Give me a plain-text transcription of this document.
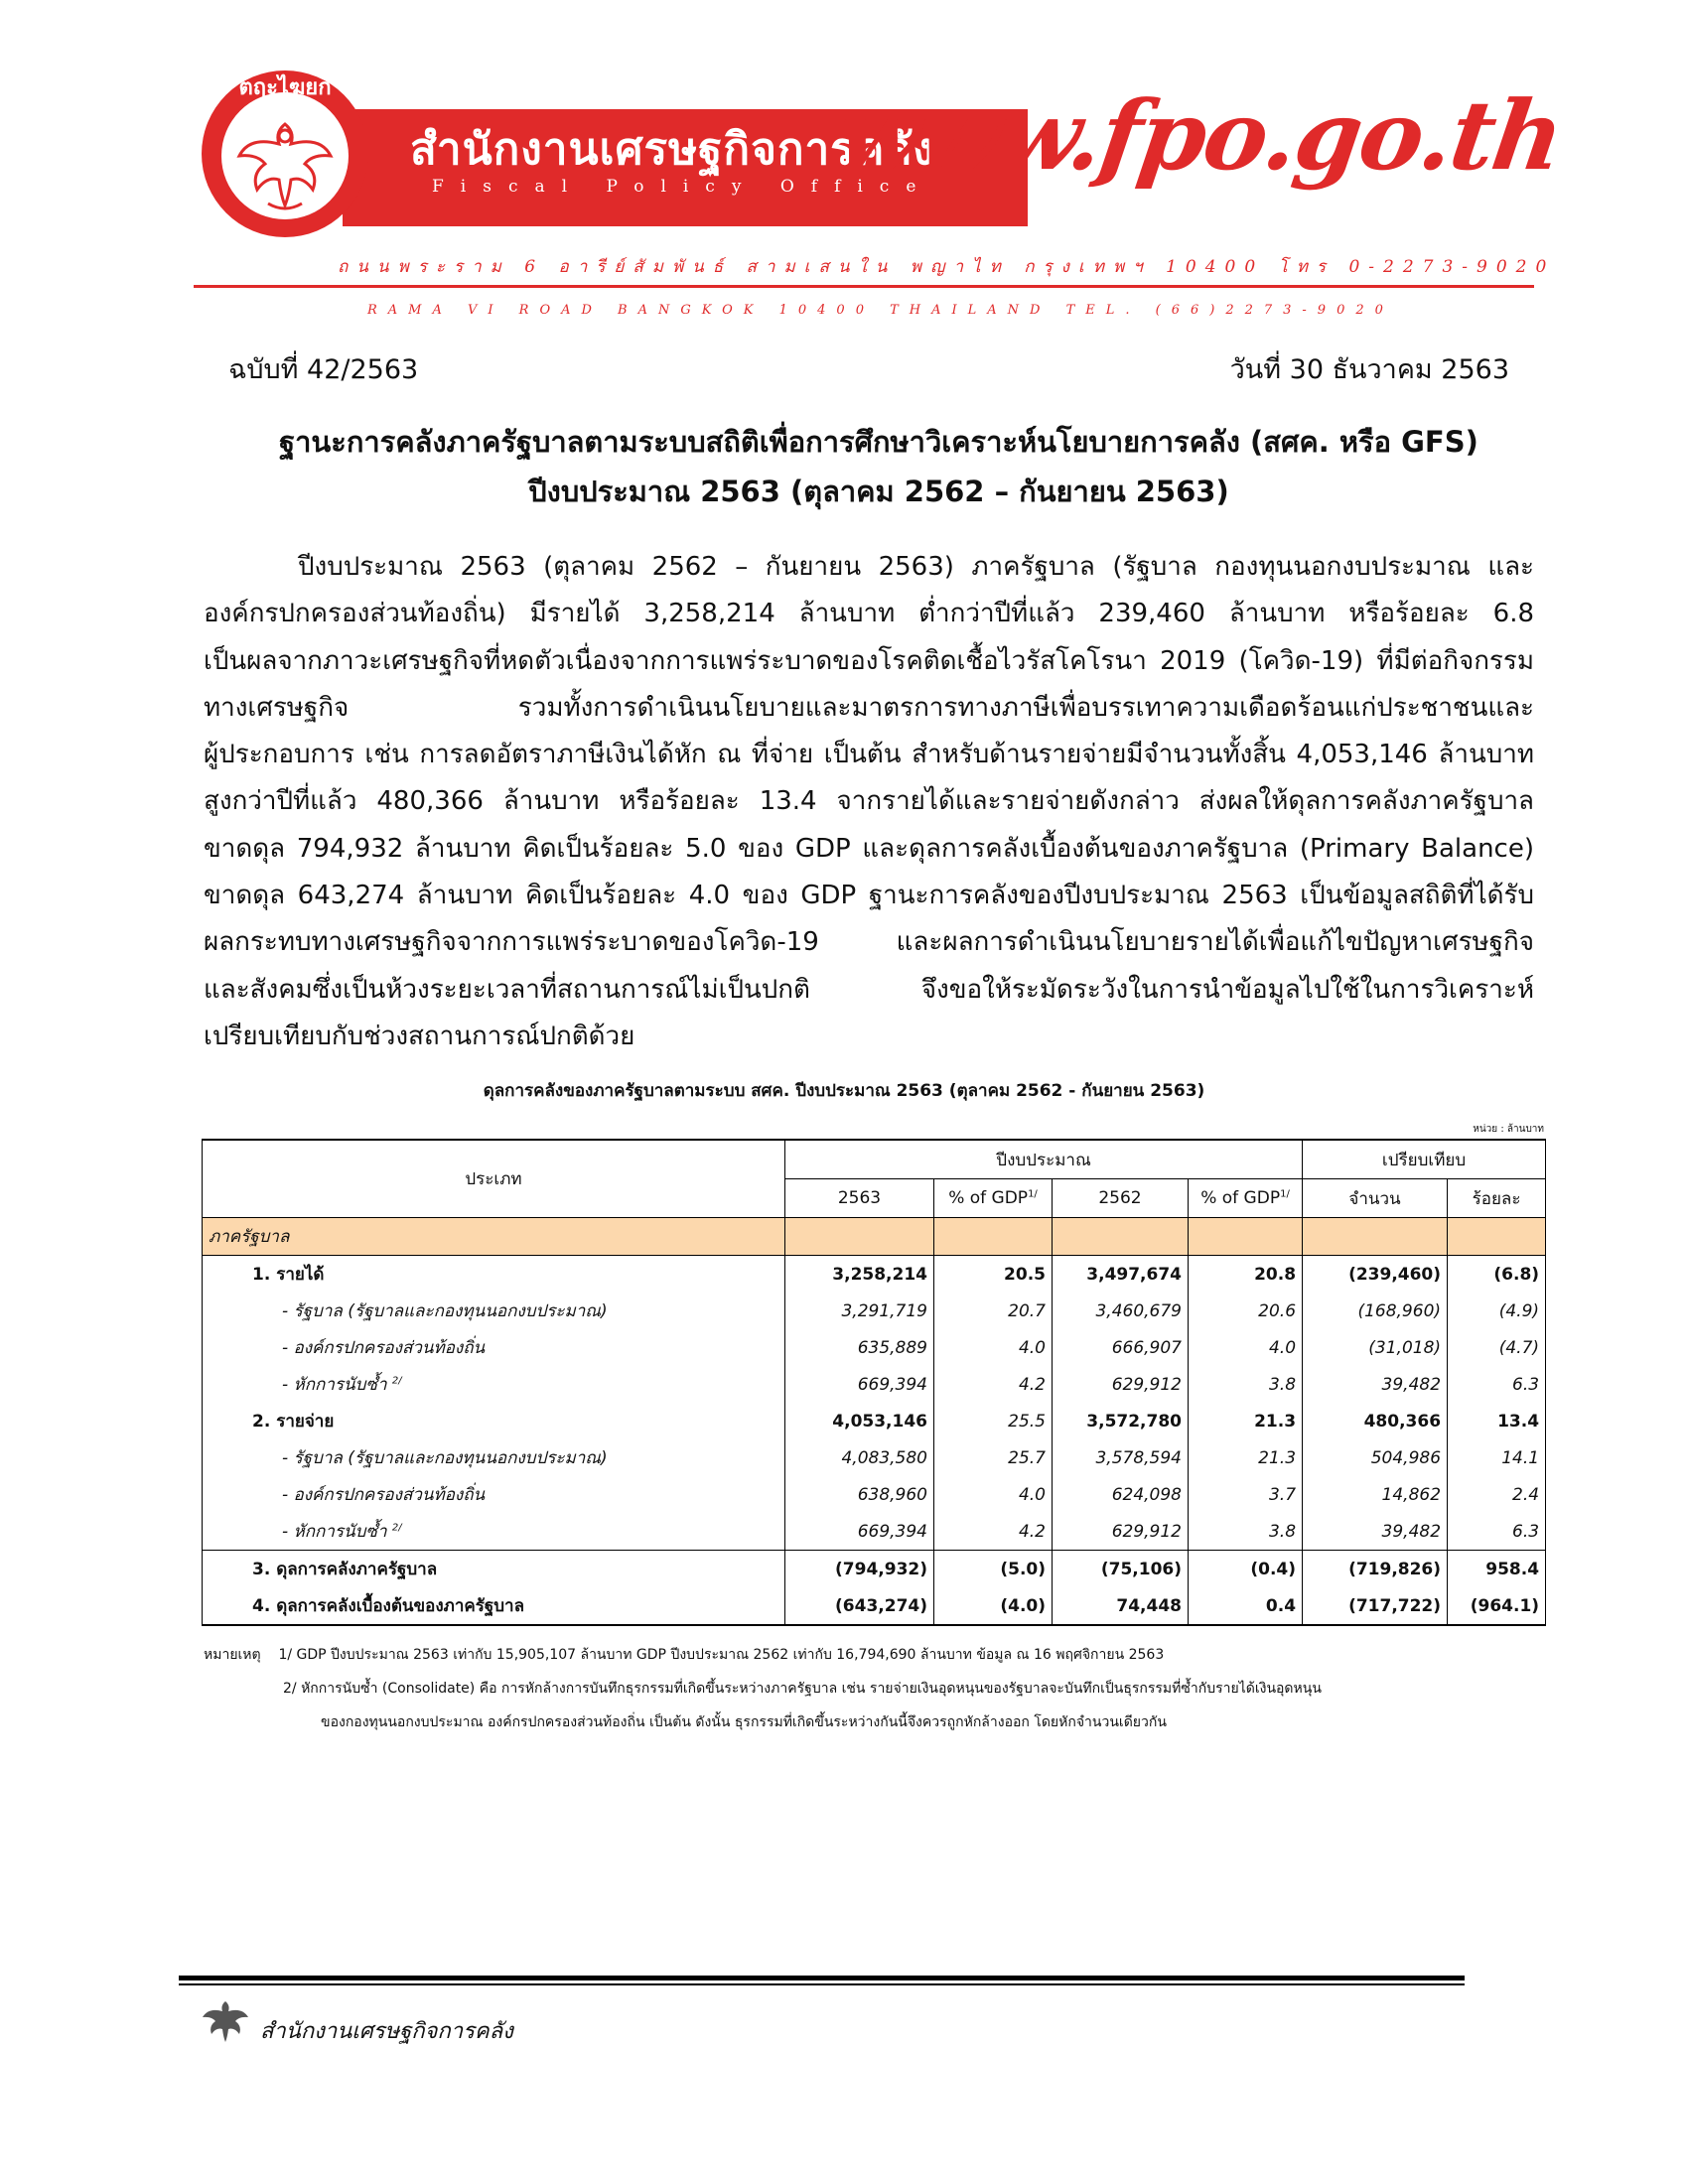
ตฤะไฆยก
สำนักงานเศรษฐกิจการคลัง
Fiscal Policy Office
www.fpo.go.th
ถนนพระราม 6 อารีย์สัมพันธ์ สามเสนใน พญาไท กรุงเทพฯ 10400 โทร 0-2273-9020
RAMA VI ROAD BANGKOK 10400 THAILAND TEL. (66)2273-9020
ฉบับที่ 42/2563	วันที่ 30 ธันวาคม 2563
ฐานะการคลังภาครัฐบาลตามระบบสถิติเพื่อการศึกษาวิเคราะห์นโยบายการคลัง (สศค. หรือ GFS)
ปีงบประมาณ 2563 (ตุลาคม 2562 – กันยายน 2563)
ปีงบประมาณ 2563 (ตุลาคม 2562 – กันยายน 2563) ภาครัฐบาล (รัฐบาล กองทุนนอกงบประมาณ และ
องค์กรปกครองส่วนท้องถิ่น) มีรายได้ 3,258,214 ล้านบาท ต่ำกว่าปีที่แล้ว 239,460 ล้านบาท หรือร้อยละ 6.8
เป็นผลจากภาวะเศรษฐกิจที่หดตัวเนื่องจากการแพร่ระบาดของโรคติดเชื้อไวรัสโคโรนา 2019 (โควิด-19) ที่มีต่อกิจกรรม
ทางเศรษฐกิจ รวมทั้งการดำเนินนโยบายและมาตรการทางภาษีเพื่อบรรเทาความเดือดร้อนแก่ประชาชนและ
ผู้ประกอบการ เช่น การลดอัตราภาษีเงินได้หัก ณ ที่จ่าย เป็นต้น สำหรับด้านรายจ่ายมีจำนวนทั้งสิ้น 4,053,146 ล้านบาท
สูงกว่าปีที่แล้ว 480,366 ล้านบาท หรือร้อยละ 13.4 จากรายได้และรายจ่ายดังกล่าว ส่งผลให้ดุลการคลังภาครัฐบาล
ขาดดุล 794,932 ล้านบาท คิดเป็นร้อยละ 5.0 ของ GDP และดุลการคลังเบื้องต้นของภาครัฐบาล (Primary Balance)
ขาดดุล 643,274 ล้านบาท คิดเป็นร้อยละ 4.0 ของ GDP ฐานะการคลังของปีงบประมาณ 2563 เป็นข้อมูลสถิติที่ได้รับ
ผลกระทบทางเศรษฐกิจจากการแพร่ระบาดของโควิด-19 และผลการดำเนินนโยบายรายได้เพื่อแก้ไขปัญหาเศรษฐกิจ
และสังคมซึ่งเป็นห้วงระยะเวลาที่สถานการณ์ไม่เป็นปกติ จึงขอให้ระมัดระวังในการนำข้อมูลไปใช้ในการวิเคราะห์
เปรียบเทียบกับช่วงสถานการณ์ปกติด้วย
ดุลการคลังของภาครัฐบาลตามระบบ สศค. ปีงบประมาณ 2563 (ตุลาคม 2562 - กันยายน 2563)
หน่วย : ล้านบาท
ประเภท	ปีงบประมาณ				เปรียบเทียบ	
	2563	% of $GDP^{1/}$	2562	% of $GDP^{1/}$	จำนวน	ร้อยละ
ภาครัฐบาล						
1. รายได้	3,258,214	20.5	3,497,674	20.8	(239,460)	(6.8)
- รัฐบาล (รัฐบาลและกองทุนนอกงบประมาณ)	3,291,719	20.7	3,460,679	20.6	(168,960)	(4.9)
- องค์กรปกครองส่วนท้องถิ่น	635,889	4.0	666,907	4.0	(31,018)	(4.7)
- หักการนับซ้ำ $^{2/}$	669,394	4.2	629,912	3.8	39,482	6.3
2. รายจ่าย	4,053,146	25.5	3,572,780	21.3	480,366	13.4
- รัฐบาล (รัฐบาลและกองทุนนอกงบประมาณ)	4,083,580	25.7	3,578,594	21.3	504,986	14.1
- องค์กรปกครองส่วนท้องถิ่น	638,960	4.0	624,098	3.7	14,862	2.4
- หักการนับซ้ำ $^{2/}$	669,394	4.2	629,912	3.8	39,482	6.3
3. ดุลการคลังภาครัฐบาล	(794,932)	(5.0)	(75,106)	(0.4)	(719,826)	958.4
4. ดุลการคลังเบื้องต้นของภาครัฐบาล	(643,274)	(4.0)	74,448	0.4	(717,722)	(964.1)
หมายเหตุ 1/ GDP ปีงบประมาณ 2563 เท่ากับ 15,905,107 ล้านบาท GDP ปีงบประมาณ 2562 เท่ากับ 16,794,690 ล้านบาท ข้อมูล ณ 16 พฤศจิกายน 2563
2/ หักการนับซ้ำ (Consolidate) คือ การหักล้างการบันทึกธุรกรรมที่เกิดขึ้นระหว่างภาครัฐบาล เช่น รายจ่ายเงินอุดหนุนของรัฐบาลจะบันทึกเป็นธุรกรรมที่ซ้ำกับรายได้เงินอุดหนุน
ของกองทุนนอกงบประมาณ องค์กรปกครองส่วนท้องถิ่น เป็นต้น ดังนั้น ธุรกรรมที่เกิดขึ้นระหว่างกันนี้จึงควรถูกหักล้างออก โดยหักจำนวนเดียวกัน
สำนักงานเศรษฐกิจการคลัง
